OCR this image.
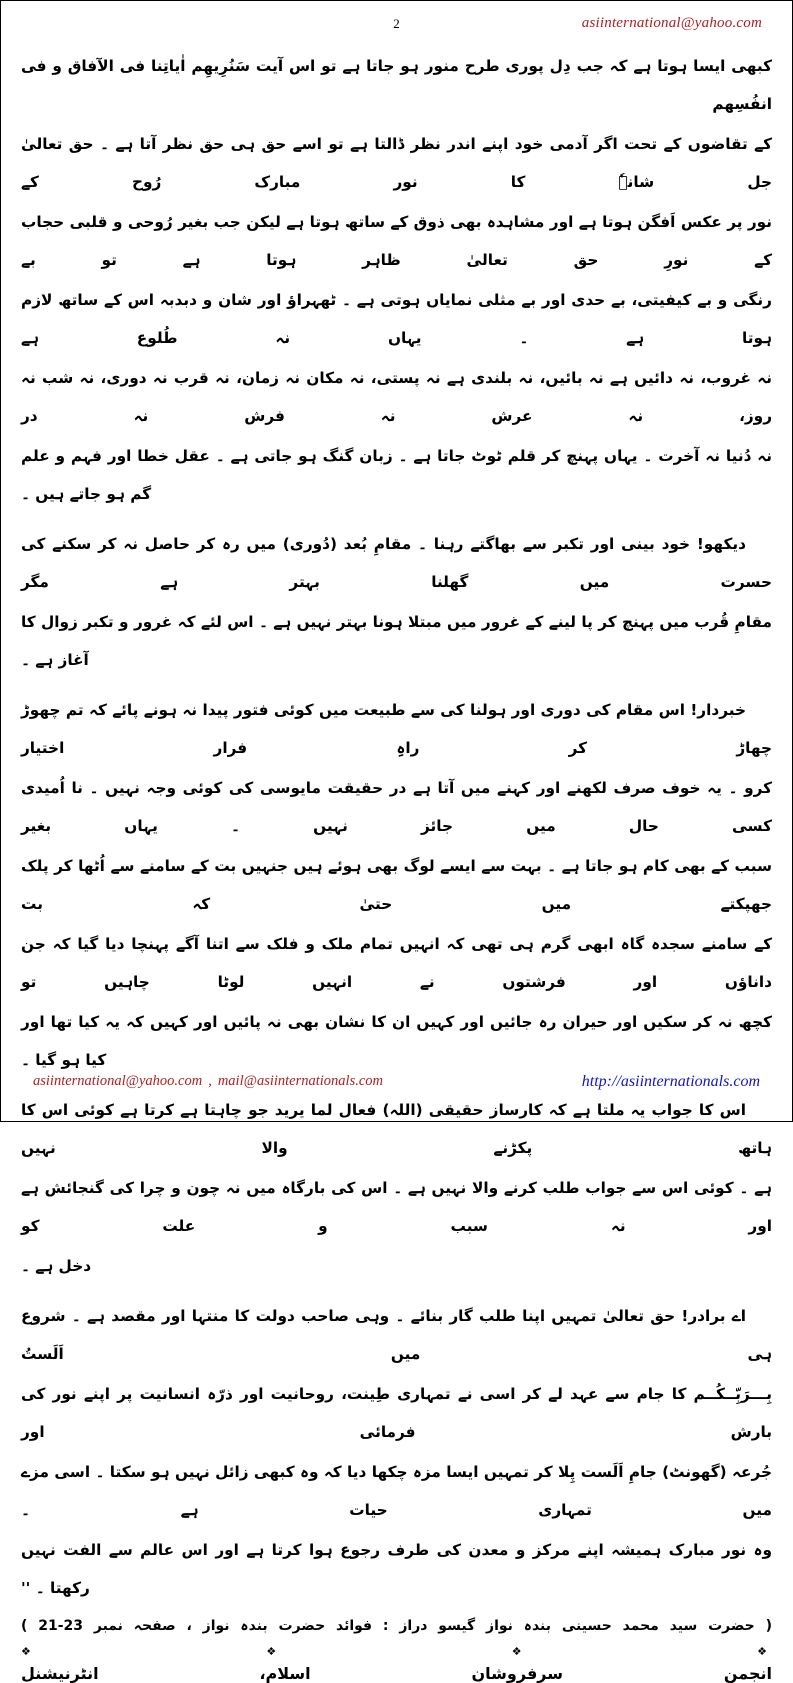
asiinternational@yahoo.com
2

کبھی ایسا ہوتا ہے کہ جب دِل پوری طرح منور ہو جاتا ہے تو اس آیت سَنُرِیھِم اٰیاتِنا فی الآفاق و فی انفُسِھم

کے تقاضوں کے تحت اگر آدمی خود اپنے اندر نظر ڈالتا ہے تو اسے حق ہی حق نظر آتا ہے ۔ حق تعالیٰ جل شانہٗ کا نور مبارک رُوح کے

نور پر عکس اَفگن ہوتا ہے اور مشاہدہ بھی ذوق کے ساتھ ہوتا ہے لیکن جب بغیر رُوحی و قلبی حجاب کے نورِ حق تعالیٰ ظاہر ہوتا ہے تو بے

رنگی و بے کیفیتی، بے حدی اور بے مثلی نمایاں ہوتی ہے ۔ ٹھہراؤ اور شان و دبدبہ اس کے ساتھ لازم ہوتا ہے ۔ یہاں نہ طُلوع ہے

نہ غروب، نہ دائیں ہے نہ بائیں، نہ بلندی ہے نہ پستی، نہ مکان نہ زمان، نہ قرب نہ دوری، نہ شب نہ روز، نہ عرش نہ فرش نہ در

نہ دُنیا نہ آخرت ۔ یہاں پہنچ کر قلم ٹوٹ جاتا ہے ۔ زبان گنگ ہو جاتی ہے ۔ عقل خطا اور فہم و علم گم ہو جاتے ہیں ۔

دیکھو! خود بینی اور تکبر سے بھاگتے رہنا ۔ مقامِ بُعد (دُوری) میں رہ کر حاصل نہ کر سکنے کی حسرت میں گھلنا بہتر ہے مگر

مقامِ قُرب میں پہنچ کر پا لینے کے غرور میں مبتلا ہونا بہتر نہیں ہے ۔ اس لئے کہ غرور و تکبر زوال کا آغاز ہے ۔

خبردار! اس مقام کی دوری اور ہولنا کی سے طبیعت میں کوئی فتور پیدا نہ ہونے پائے کہ تم چھوڑ چھاڑ کر راہِ فرار اختیار

کرو ۔ یہ خوف صرف لکھنے اور کہنے میں آتا ہے در حقیقت مایوسی کی کوئی وجہ نہیں ۔ نا اُمیدی کسی حال میں جائز نہیں ۔ یہاں بغیر

سبب کے بھی کام ہو جاتا ہے ۔ بہت سے ایسے لوگ بھی ہوئے ہیں جنہیں بت کے سامنے سے اُٹھا کر پلک جھپکتے میں حتیٰ کہ بت

کے سامنے سجدہ گاہ ابھی گرم ہی تھی کہ انہیں تمام ملک و فلک سے اتنا آگے پہنچا دیا گیا کہ جن داناؤں اور فرشتوں نے انہیں لوٹا چاہیں تو

کچھ نہ کر سکیں اور حیران رہ جائیں اور کہیں ان کا نشان بھی نہ پائیں اور کہیں کہ یہ کیا تھا اور کیا ہو گیا ۔

اس کا جواب یہ ملتا ہے کہ کارساز حقیقی (اللہ) فعال لما یرید جو چاہتا ہے کرتا ہے کوئی اس کا ہاتھ پکڑنے والا نہیں

ہے ۔ کوئی اس سے جواب طلب کرنے والا نہیں ہے ۔ اس کی بارگاہ میں نہ چون و چرا کی گنجائش ہے اور نہ سبب و علت کو

دخل ہے ۔

اے برادر! حق تعالیٰ تمہیں اپنا طلب گار بنائے ۔ وہی صاحب دولت کا منتہا اور مقصد ہے ۔ شروع ہی میں اَلَستُ

بِـــرَبِّــکُــم کا جام سے عہد لے کر اسی نے تمہاری طِینت، روحانیت اور ذرّہ انسانیت پر اپنے نور کی بارش فرمائی اور

جُرعہ (گھونٹ) جامِ اَلَست پِلا کر تمہیں ایسا مزہ چکھا دیا کہ وہ کبھی زائل نہیں ہو سکتا ۔ اسی مزے میں تمہاری حیات ہے ۔

وہ نور مبارک ہمیشہ اپنے مرکز و معدن کی طرف رجوع ہوا کرتا ہے اور اس عالم سے الفت نہیں رکھتا ۔ ''

( حضرت سید محمد حسینی بندہ نواز گیسو دراز : فوائد حضرت بندہ نواز ، صفحہ نمبر 23-21 )
❖ ❖ ❖ ❖
انجمن سرفروشانِ اسلام، انٹرنیشنل
asiinternational@yahoo.com , mail@asiinternationals.com	http://asiinternationals.com
